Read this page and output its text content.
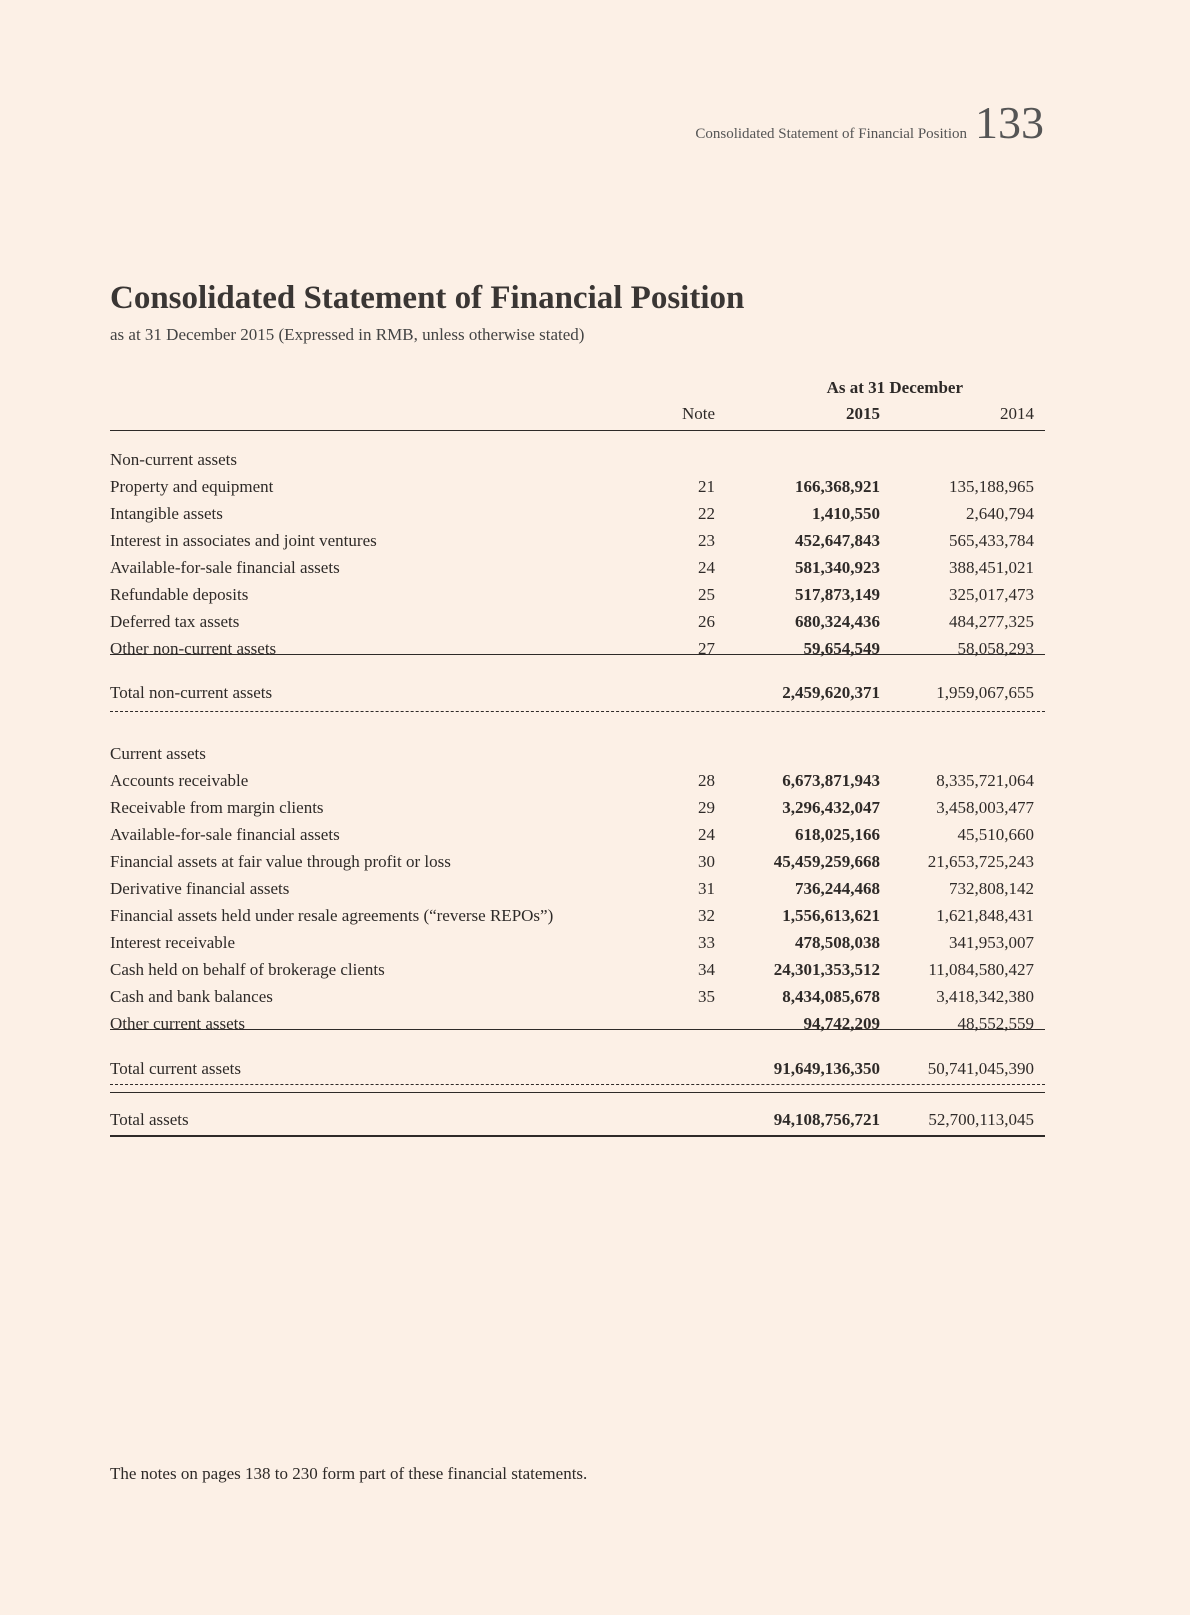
Consolidated Statement of Financial Position 133
Consolidated Statement of Financial Position
as at 31 December 2015 (Expressed in RMB, unless otherwise stated)
As at 31 December
Note	2015	2014
Non-current assets
Property and equipment	21	166,368,921	135,188,965
Intangible assets	22	1,410,550	2,640,794
Interest in associates and joint ventures	23	452,647,843	565,433,784
Available-for-sale financial assets	24	581,340,923	388,451,021
Refundable deposits	25	517,873,149	325,017,473
Deferred tax assets	26	680,324,436	484,277,325
Other non-current assets	27	59,654,549	58,058,293
Total non-current assets	2,459,620,371	1,959,067,655
Current assets
Accounts receivable	28	6,673,871,943	8,335,721,064
Receivable from margin clients	29	3,296,432,047	3,458,003,477
Available-for-sale financial assets	24	618,025,166	45,510,660
Financial assets at fair value through profit or loss	30	45,459,259,668	21,653,725,243
Derivative financial assets	31	736,244,468	732,808,142
Financial assets held under resale agreements (“reverse REPOs”)	32	1,556,613,621	1,621,848,431
Interest receivable	33	478,508,038	341,953,007
Cash held on behalf of brokerage clients	34	24,301,353,512	11,084,580,427
Cash and bank balances	35	8,434,085,678	3,418,342,380
Other current assets	94,742,209	48,552,559
Total current assets	91,649,136,350	50,741,045,390
Total assets	94,108,756,721	52,700,113,045
The notes on pages 138 to 230 form part of these financial statements.
